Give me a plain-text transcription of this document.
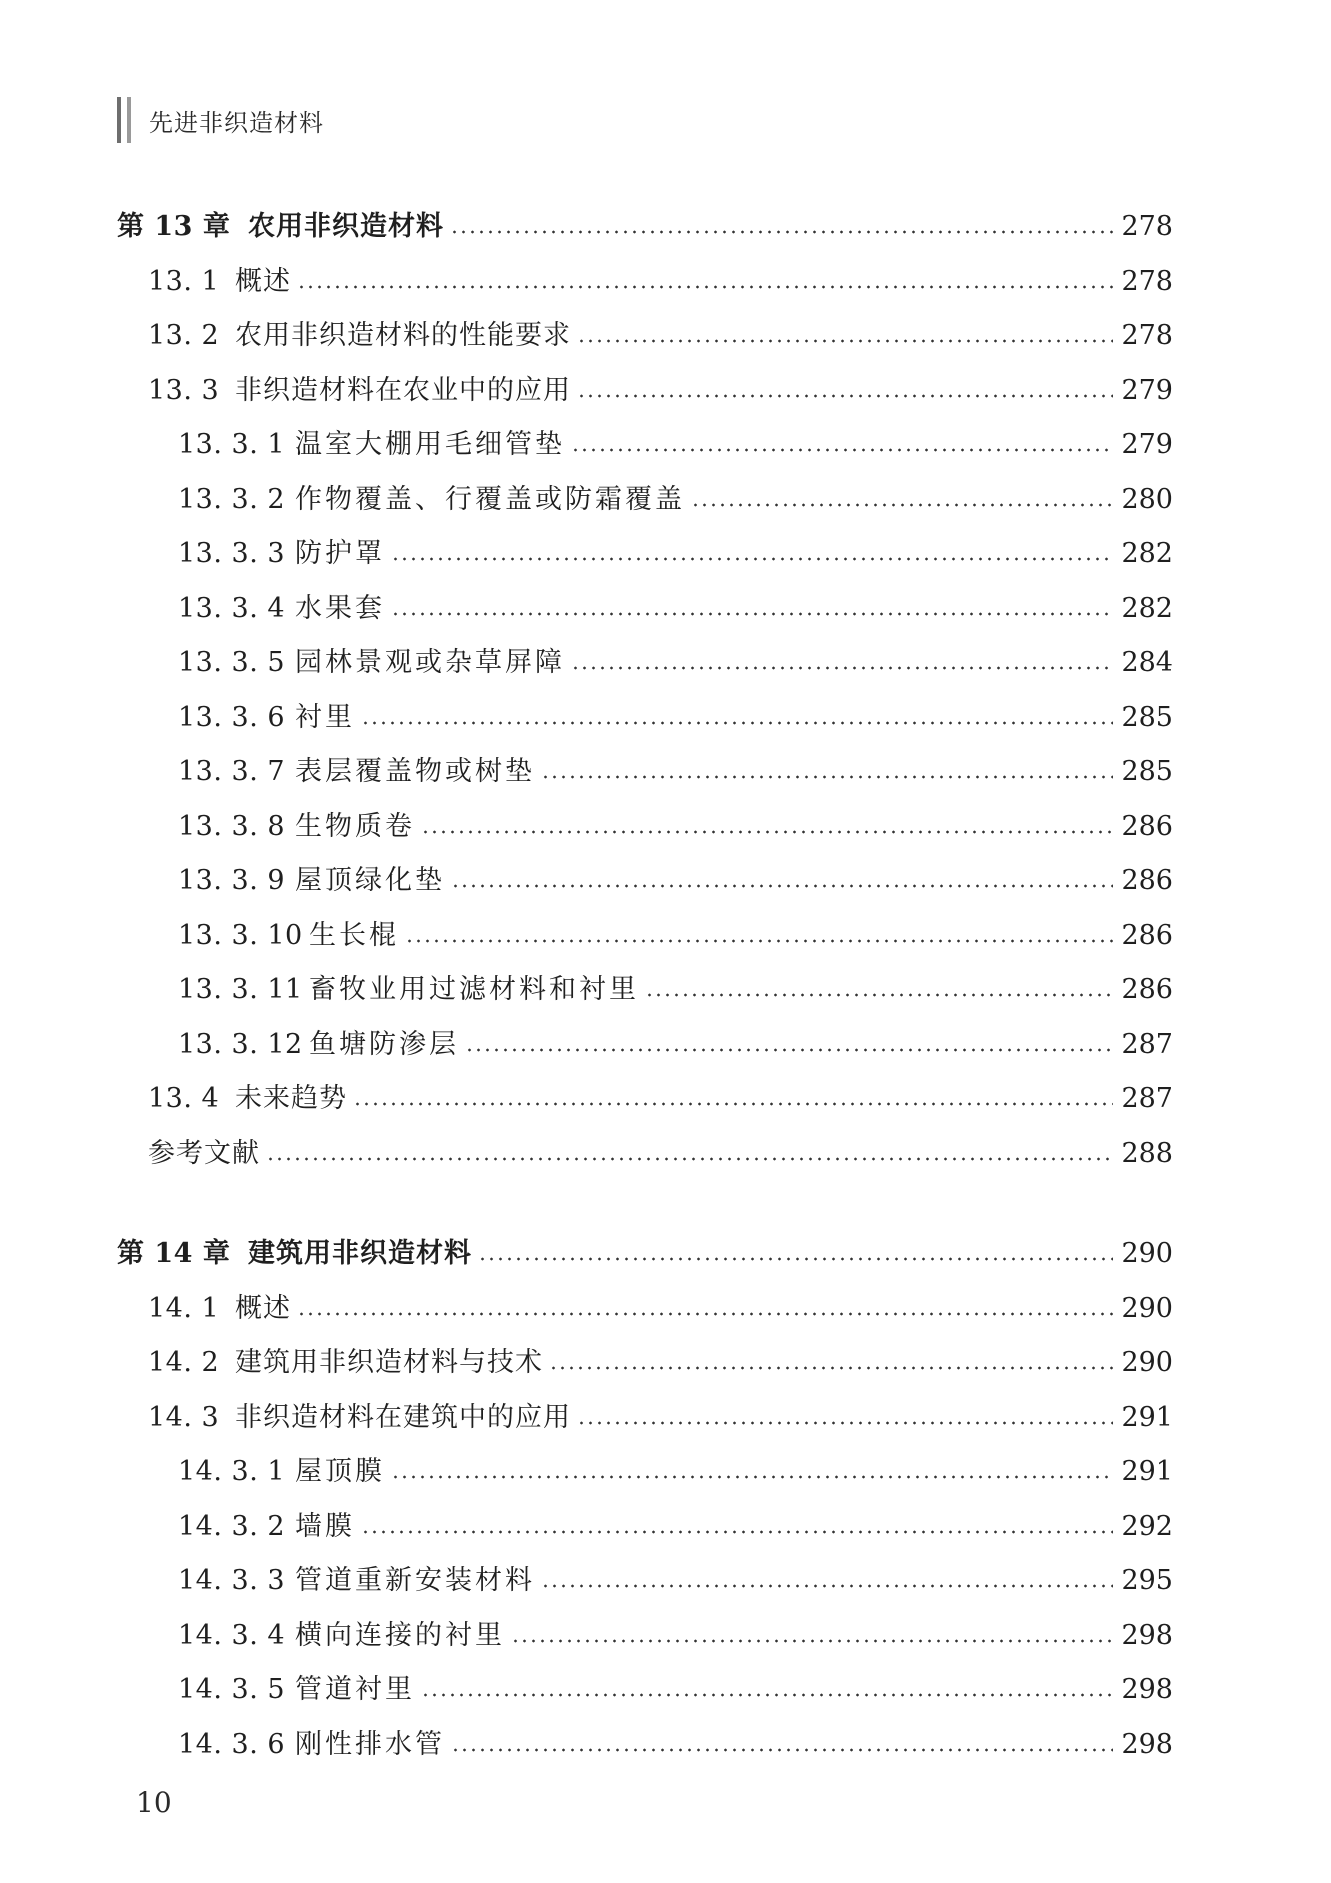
先进非织造材料
第 13 章 农用非织造材料	278
13. 1 概述	278
13. 2 农用非织造材料的性能要求	278
13. 3 非织造材料在农业中的应用	279
13. 3. 1 温室大棚用毛细管垫	279
13. 3. 2 作物覆盖、行覆盖或防霜覆盖	280
13. 3. 3 防护罩	282
13. 3. 4 水果套	282
13. 3. 5 园林景观或杂草屏障	284
13. 3. 6 衬里	285
13. 3. 7 表层覆盖物或树垫	285
13. 3. 8 生物质卷	286
13. 3. 9 屋顶绿化垫	286
13. 3. 10 生长棍	286
13. 3. 11 畜牧业用过滤材料和衬里	286
13. 3. 12 鱼塘防渗层	287
13. 4 未来趋势	287
参考文献	288
第 14 章 建筑用非织造材料	290
14. 1 概述	290
14. 2 建筑用非织造材料与技术	290
14. 3 非织造材料在建筑中的应用	291
14. 3. 1 屋顶膜	291
14. 3. 2 墙膜	292
14. 3. 3 管道重新安装材料	295
14. 3. 4 横向连接的衬里	298
14. 3. 5 管道衬里	298
14. 3. 6 刚性排水管	298
10
